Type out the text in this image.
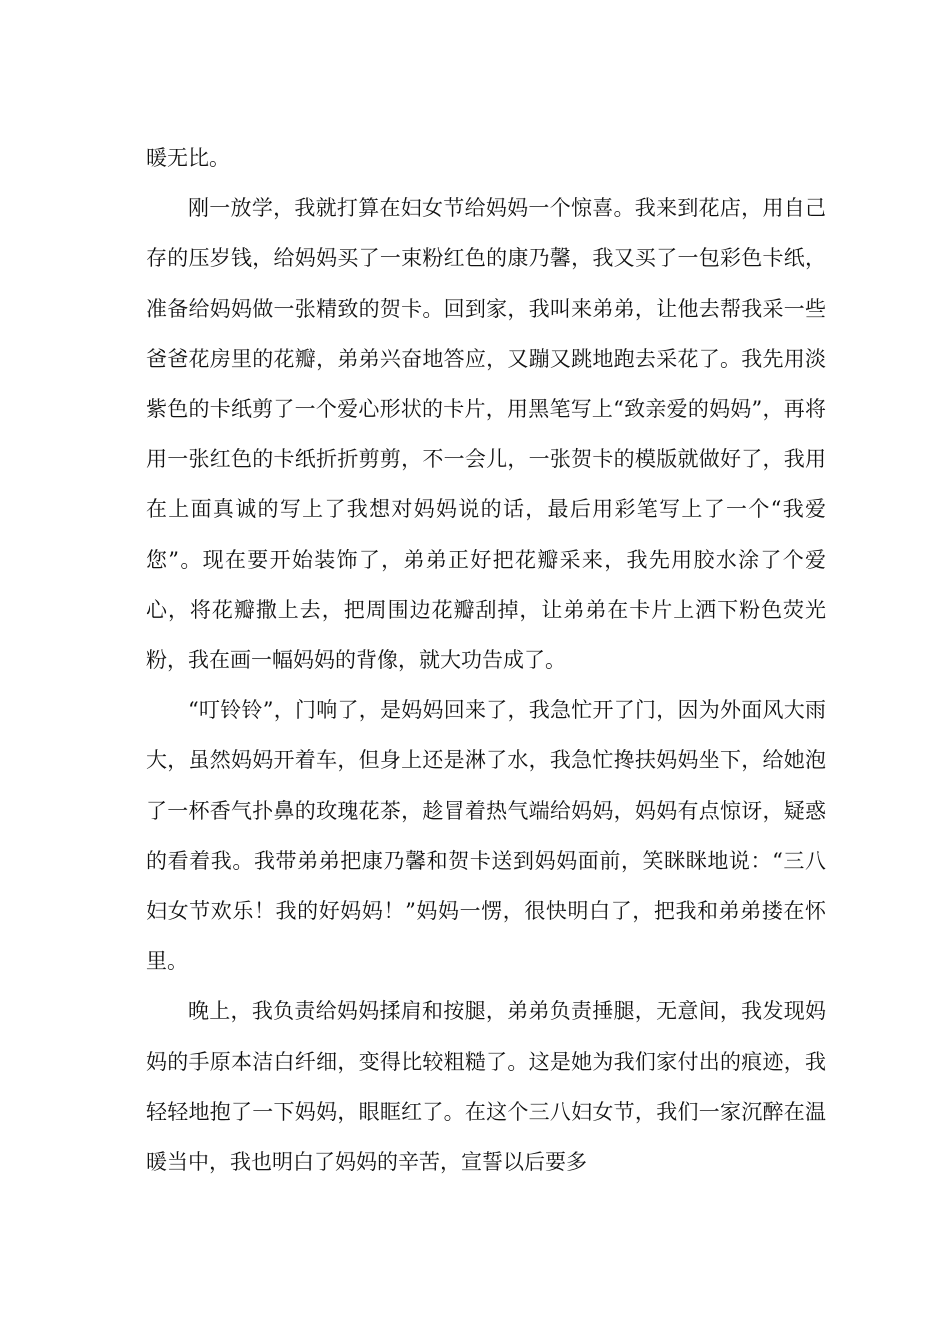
暖无比。

刚一放学，我就打算在妇女节给妈妈一个惊喜。我来到花店，用自己存的压岁钱，给妈妈买了一束粉红色的康乃馨，我又买了一包彩色卡纸，准备给妈妈做一张精致的贺卡。回到家，我叫来弟弟，让他去帮我采一些爸爸花房里的花瓣，弟弟兴奋地答应，又蹦又跳地跑去采花了。我先用淡紫色的卡纸剪了一个爱心形状的卡片，用黑笔写上“致亲爱的妈妈”，再将用一张红色的卡纸折折剪剪，不一会儿，一张贺卡的模版就做好了，我用在上面真诚的写上了我想对妈妈说的话，最后用彩笔写上了一个“我爱您”。现在要开始装饰了，弟弟正好把花瓣采来，我先用胶水涂了个爱心，将花瓣撒上去，把周围边花瓣刮掉，让弟弟在卡片上洒下粉色荧光粉，我在画一幅妈妈的背像，就大功告成了。

“叮铃铃”，门响了，是妈妈回来了，我急忙开了门，因为外面风大雨大，虽然妈妈开着车，但身上还是淋了水，我急忙搀扶妈妈坐下，给她泡了一杯香气扑鼻的玫瑰花茶，趁冒着热气端给妈妈，妈妈有点惊讶，疑惑的看着我。我带弟弟把康乃馨和贺卡送到妈妈面前，笑眯眯地说：“三八妇女节欢乐！我的好妈妈！”妈妈一愣，很快明白了，把我和弟弟搂在怀里。

晚上，我负责给妈妈揉肩和按腿，弟弟负责捶腿，无意间，我发现妈妈的手原本洁白纤细，变得比较粗糙了。这是她为我们家付出的痕迹，我轻轻地抱了一下妈妈，眼眶红了。在这个三八妇女节，我们一家沉醉在温暖当中，我也明白了妈妈的辛苦，宣誓以后要多
